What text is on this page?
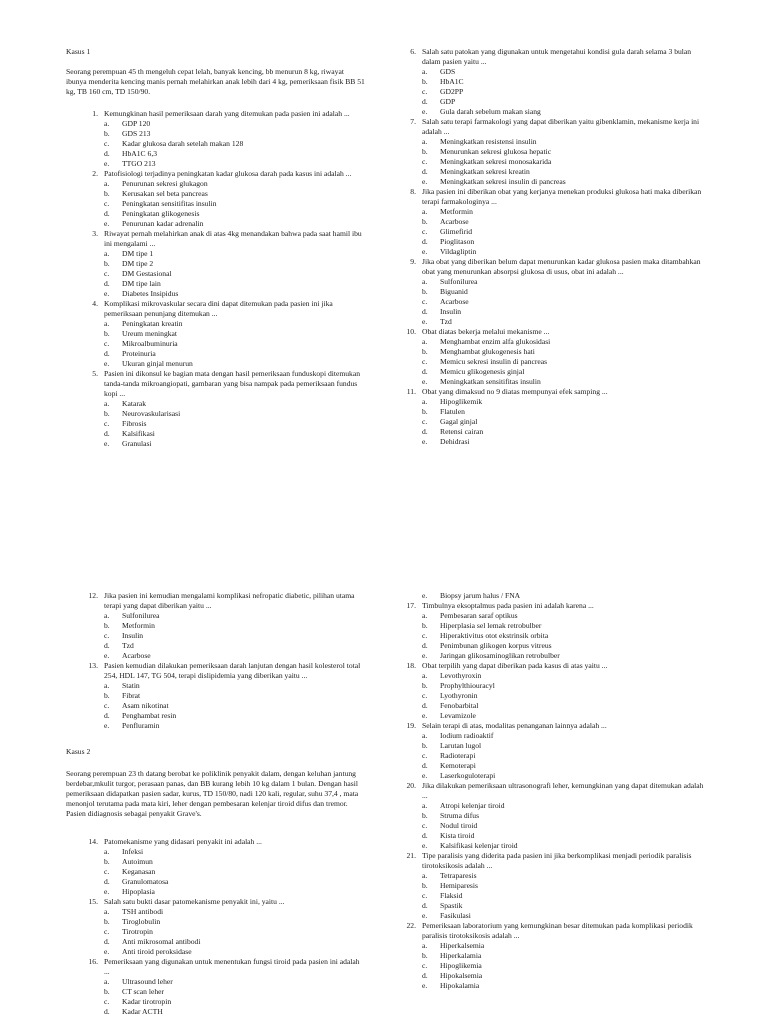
Kasus 1

Seorang perempuan 45 th mengeluh cepat lelah, banyak kencing, bb menurun 8 kg, riwayat ibunya menderita kencing manis pernah melahirkan anak lebih dari 4 kg, pemeriksaan fisik BB 51 kg, TB 160 cm, TD 150/90.

1. Kemungkinan hasil pemeriksaan darah yang ditemukan pada pasien ini adalah ...
a.	GDP 120
b.	GDS 213
c.	Kadar glukosa darah setelah makan 128
d.	HbA1C 6,3
e.	TTGO 213
2. Patofisiologi terjadinya peningkatan kadar glukosa darah pada kasus ini adalah ...
a.	Penurunan sekresi glukagon
b.	Kerusakan sel beta pancreas
c.	Peningkatan sensitifitas insulin
d.	Peningkatan glikogenesis
e.	Penurunan kadar adrenalin
3. Riwayat pernah melahirkan anak di atas 4kg menandakan bahwa pada saat hamil ibu ini mengalami ...
a.	DM tipe 1
b.	DM tipe 2
c.	DM Gestasional
d.	DM tipe lain
e.	Diabetes Insipidus
4. Komplikasi mikrovaskular secara dini dapat ditemukan pada pasien ini jika pemeriksaan penunjang ditemukan ...
a.	Peningkatan kreatin
b.	Ureum meningkat
c.	Mikroalbuminuria
d.	Proteinuria
e.	Ukuran ginjal menurun
5. Pasien ini dikonsul ke bagian mata dengan hasil pemeriksaan funduskopi ditemukan tanda-tanda mikroangiopati, gambaran yang bisa nampak pada pemeriksaan fundus kopi ...
a.	Katarak
b.	Neurovaskularisasi
c.	Fibrosis
d.	Kalsifikasi
e.	Granulasi
6. Salah satu patokan yang digunakan untuk mengetahui kondisi gula darah selama 3 bulan dalam pasien yaitu ...
a.	GDS
b.	HbA1C
c.	GD2PP
d.	GDP
e.	Gula darah sebelum makan siang
7. Salah satu terapi farmakologi yang dapat diberikan yaitu gibenklamin, mekanisme kerja ini adalah ...
a.	Meningkatkan resistensi insulin
b.	Menurunkan sekresi glukosa hepatic
c.	Meningkatkan sekresi monosakarida
d.	Meningkatkan sekresi kreatin
e.	Meningkatkan sekresi insulin di pancreas
8. Jika pasien ini diberikan obat yang kerjanya menekan produksi glukosa hati maka diberikan terapi farmakologinya ...
a.	Metformin
b.	Acarbose
c.	Glimefirid
d.	Pioglitason
e.	Vildagliptin
9. Jika obat yang diberikan belum dapat menurunkan kadar glukosa pasien maka ditambahkan obat yang menurunkan absorpsi glukosa di usus, obat ini adalah ...
a.	Sulfonilurea
b.	Biguanid
c.	Acarbose
d.	Insulin
e.	Tzd
10. Obat diatas bekerja melalui mekanisme ...
a.	Menghambat enzim alfa glukosidasi
b.	Menghambat glukogenesis hati
c.	Memicu sekresi insulin di pancreas
d.	Memicu glikogenesis ginjal
e.	Meningkatkan sensitifitas insulin
11. Obat yang dimaksud no 9 diatas mempunyai efek samping ...
a.	Hipoglikemik
b.	Flatulen
c.	Gagal ginjal
d.	Retensi cairan
e.	Dehidrasi
12. Jika pasien ini kemudian mengalami komplikasi nefropatic diabetic, pilihan utama terapi yang dapat diberikan yaitu ...
a.	Sulfonilurea
b.	Metformin
c.	Insulin
d.	Tzd
e.	Acarbose
13. Pasien kemudian dilakukan pemeriksaan darah lanjutan dengan hasil kolesterol total 254, HDL 147, TG 504, terapi dislipidemia yang diberikan yaitu ...
a.	Statin
b.	Fibrat
c.	Asam nikotinat
d.	Penghambat resin
e.	Penfluramin

Kasus 2

Seorang perempuan 23 th datang berobat ke poliklinik penyakit dalam, dengan keluhan jantung berdebar,mkulit turgor, perasaan panas, dan BB kurang lebih 10 kg dalam 1 bulan. Dengan hasil pemeriksaan didapatkan pasien sadar, kurus, TD 150/80, nadi 120 kali, regular, suhu 37,4 , mata menonjol terutama pada mata kiri, leher dengan pembesaran kelenjar tiroid difus dan tremor. Pasien didiagnosis sebagai penyakit Grave's.

14. Patomekanisme yang didasari penyakit ini adalah ...
a.	Infeksi
b.	Autoimun
c.	Keganasan
d.	Granulomatosa
e.	Hipoplasia
15. Salah satu bukti dasar patomekanisme penyakit ini, yaitu ...
a.	TSH antibodi
b.	Tiroglobulin
c.	Tirotropin
d.	Anti mikrosomal antibodi
e.	Anti tiroid peroksidase
16. Pemeriksaan yang digunakan untuk menentukan fungsi tiroid pada pasien ini adalah ...
a.	Ultrasound leher
b.	CT scan leher
c.	Kadar tirotropin
d.	Kadar ACTH
e.	Biopsy jarum halus / FNA
17. Timbulnya eksoptalmus pada pasien ini adalah karena ...
a.	Pembesaran saraf optikus
b.	Hiperplasia sel lemak retrobulber
c.	Hiperaktivitus otot ekstrinsik orbita
d.	Penimbunan glikogen korpus vitreus
e.	Jaringan glikosaminoglikan retrobulber
18. Obat terpilih yang dapat diberikan pada kasus di atas yaitu ...
a.	Levothyroxin
b.	Prophylthiouracyl
c.	Lyothyronin
d.	Fenobarbital
e.	Levamizole
19. Selain terapi di atas, modalitas penanganan lainnya adalah ...
a.	Iodium radioaktif
b.	Larutan lugol
c.	Radioterapi
d.	Kemoterapi
e.	Laserkoguloterapi
20. Jika dilakukan pemeriksaan ultrasonografi leher, kemungkinan yang dapat ditemukan adalah ...
a.	Atropi kelenjar tiroid
b.	Struma difus
c.	Nodul tiroid
d.	Kista tiroid
e.	Kalsifikasi kelenjar tiroid
21. Tipe paralisis yang diderita pada pasien ini jika berkomplikasi menjadi periodik paralisis tirotoksikosis adalah ...
a.	Tetraparesis
b.	Hemiparesis
c.	Flaksid
d.	Spastik
e.	Fasikulasi
22. Pemeriksaan laboratorium yang kemungkinan besar ditemukan pada komplikasi periodik paralisis tirotoksikosis adalah ...
a.	Hiperkalsemia
b.	Hiperkalamia
c.	Hipoglikemia
d.	Hipokalsemia
e.	Hipokalamia
